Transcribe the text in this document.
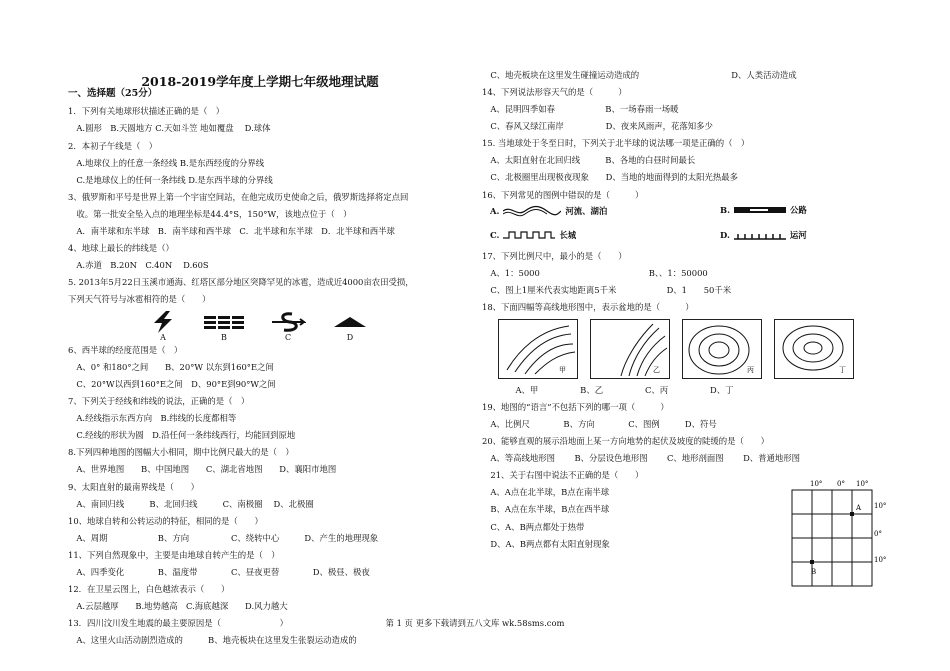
2018-2019学年度上学期七年级地理试题
一、选择题（25分）
1．下列有关地球形状描述正确的是（　）
　A.圆形　B.天圆地方 C.天如斗笠 地如覆盘　 D.球体
2．本初子午线是（　）
　A.地球仪上的任意一条经线 B.是东西经度的分界线
　C.是地球仪上的任何一条纬线 D.是东西半球的分界线
3、俄罗斯和平号是世界上第一个宇宙空间站，在他完成历史使命之后，俄罗斯选择将定点回
　收。第一批安全坠入点的地理坐标是44.4°S，150°W，该地点位于（　）
　A．南半球和东半球　B．南半球和西半球　C．北半球和东半球　D．北半球和西半球
4、地球上最长的纬线是（）
　A.赤道　B.20N　C.40N　 D.60S
5. 2013年5月22日玉溪市通海、红塔区部分地区突降罕见的冰雹，造成近4000亩农田受损，
下列天气符号与冰雹相符的是（　　）
A	B	C	D
6、西半球的经度范围是（　）
　A、0° 和180°之间　　B、20°W 以东到160°E之间
　C、20°W以西到160°E之间　D、90°E到90°W之间
7、下列关于经线和纬线的说法，正确的是（　）
　A.经线指示东西方向　B.纬线的长度都相等
　C.经线的形状为圆　D.沿任何一条纬线西行，均能回到原地
8.下列四种地图的图幅大小相同，期中比例尺最大的是（　）
　A、世界地图　　B、中国地图　　C、湖北省地图　　D、襄阳市地图
9、太阳直射的最南界线是（　　）
　A、南回归线　　　B、北回归线　　　C、南极圈　 D、北极圈
10、地球自转和公转运动的特征，相同的是（　　）
　A、周期　　　　　　B、方向　　　　　C、绕转中心　　　D、产生的地理现象
11、下列自然现象中，主要是由地球自转产生的是（　）
　A、四季变化　　　　B、温度带　　　　C、昼夜更替　　　　D、极昼、极夜
12．在卫星云图上，白色越浓表示（　　）
　A.云层越厚　　B.地势越高　C.海底越深　　D.风力越大
13．四川汶川发生地震的最主要原因是（　　　　　　　）
　A、这里火山活动剧烈造成的　　　B、地壳板块在这里发生张裂运动造成的
　C、地壳板块在这里发生碰撞运动造成的　　　　　　　　　　　D、人类活动造成
14、下列说法形容天气的是（　　　）
　A、昆明四季如春　　　　　　B、一场春雨一场暖
　C、春风又绿江南岸　　　　　D、夜来风雨声，花落知多少
15. 当地球处于冬至日时，下列关于北半球的说法哪一项是正确的（　）
　A、太阳直射在北回归线　　　B、各地的白昼时间最长
　C、北极圈里出现极夜现象　　D、当地的地面得到的太阳光热最多
16、下列常见的图例中错误的是（　　　）
A.	河流、湖泊	B.	公路
C.	长城	D.	运河
17、下列比例尺中，最小的是（　　）
　A、1：5000　　　　　　　　　　　　　B、、1：50000
　C、图上1厘米代表实地距离5千米　　　　　　D、1　　50千米
18、下面四幅等高线地形图中，表示盆地的是（　　　）
甲	乙	丙	丁
　　　　A、甲　　　　　B、乙　　　　　C、丙　　　　　D、丁
19、地图的“语言”不包括下列的哪一项（　　　）
　A、比例尺　　　　B、方向　　　　C、图例　　　D、符号
20、能够直观的展示沿地面上某一方向地势的起伏及坡度的陡缓的是（　　）
　A、等高线地形图　　 B、分层设色地形图　　 C、地形剖面图　　 D、普通地形图
　21、关于右图中说法不正确的是（　　）
　A、A点在北半球，B点在南半球
　B、A点在东半球，B点在西半球
　C、A、B两点都处于热带
　D、A、B两点都有太阳直射现象
10° 0° 10°
A
B
10°
0°
10°
第 1 页 更多下载请到五八文库 wk.58sms.com
